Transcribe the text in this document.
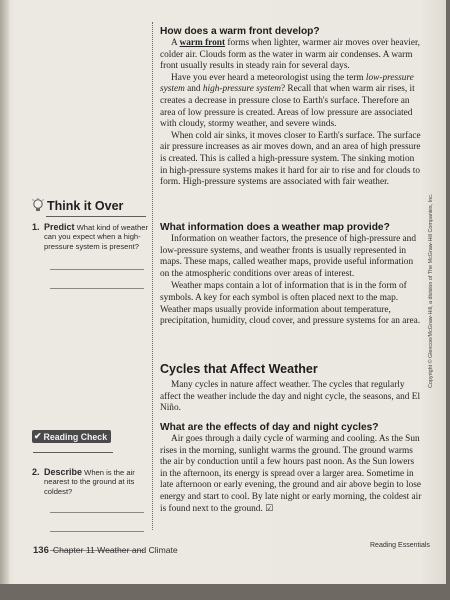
Think it Over
1. Predict What kind of weather can you expect when a high-pressure system is present?
✔ Reading Check
2. Describe When is the air nearest to the ground at its coldest?
How does a warm front develop?

A warm front forms when lighter, warmer air moves over heavier, colder air. Clouds form as the water in warm air condenses. A warm front usually results in steady rain for several days.

Have you ever heard a meteorologist using the term low-pressure system and high-pressure system? Recall that when warm air rises, it creates a decrease in pressure close to Earth's surface. Therefore an area of low pressure is created. Areas of low pressure are associated with cloudy, stormy weather, and severe winds.

When cold air sinks, it moves closer to Earth's surface. The surface air pressure increases as air moves down, and an area of high pressure is created. This is called a high-pressure system. The sinking motion in high-pressure systems makes it hard for air to rise and for clouds to form. High-pressure systems are associated with fair weather.

What information does a weather map provide?

Information on weather factors, the presence of high-pressure and low-pressure systems, and weather fronts is usually represented in maps. These maps, called weather maps, provide useful information on the atmospheric conditions over areas of interest.

Weather maps contain a lot of information that is in the form of symbols. A key for each symbol is often placed next to the map. Weather maps usually provide information about temperature, precipitation, humidity, cloud cover, and pressure systems for an area.

Cycles that Affect Weather

Many cycles in nature affect weather. The cycles that regularly affect the weather include the day and night cycle, the seasons, and El Niño.

What are the effects of day and night cycles?

Air goes through a daily cycle of warming and cooling. As the Sun rises in the morning, sunlight warms the ground. The ground warms the air by conduction until a few hours past noon. As the Sun lowers in the afternoon, its energy is spread over a larger area. Sometime in late afternoon or early evening, the ground and air above begin to lose energy and start to cool. By late night or early morning, the coldest air is found next to the ground. ☑

136 Chapter 11 Weather and Climate	Reading Essentials
Copyright © Glencoe/McGraw-Hill, a division of The McGraw-Hill Companies, Inc.
